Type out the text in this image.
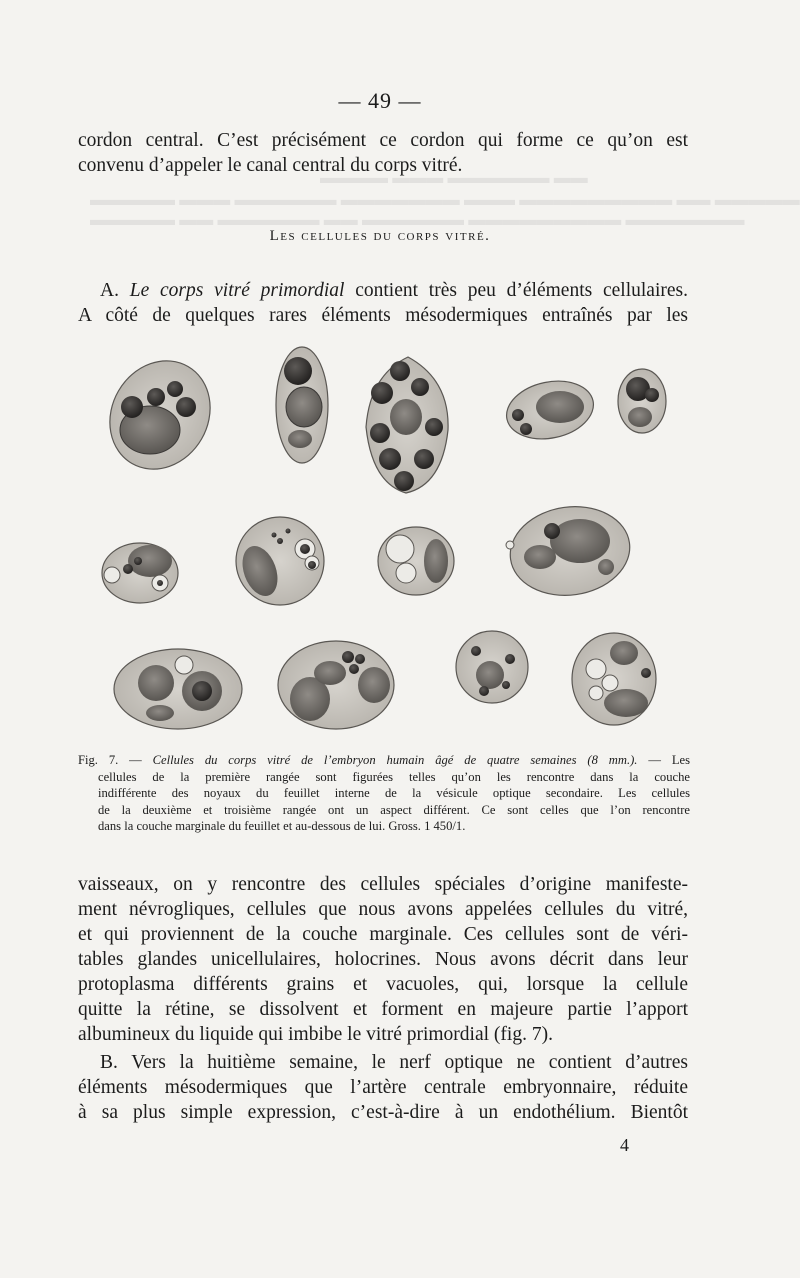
▬▬▬▬ ▬▬▬ ▬▬▬▬▬▬ ▬▬
▬▬▬▬▬ ▬▬▬ ▬▬▬▬▬▬ ▬▬▬▬▬▬▬ ▬▬▬ ▬▬▬▬▬▬▬▬▬ ▬▬ ▬▬▬▬▬
▬▬▬▬▬ ▬▬ ▬▬▬▬▬▬ ▬▬ ▬▬▬▬▬▬ ▬▬▬▬▬▬▬▬▬ ▬▬▬▬▬▬▬
— 49 —
cordon central. C’est précisément ce cordon qui forme ce qu’on est
convenu d’appeler le canal central du corps vitré.
Les cellules du corps vitré.
A. Le corps vitré primordial contient très peu d’éléments cellulaires.
A côté de quelques rares éléments mésodermiques entraînés par les
Fig. 7. — Cellules du corps vitré de l’embryon humain âgé de quatre semaines (8 mm.). — Les
cellules de la première rangée sont figurées telles qu’on les rencontre dans la couche
indifférente des noyaux du feuillet interne de la vésicule optique secondaire. Les cellules
de la deuxième et troisième rangée ont un aspect différent. Ce sont celles que l’on rencontre
dans la couche marginale du feuillet et au-dessous de lui. Gross. 1 450/1.
vaisseaux, on y rencontre des cellules spéciales d’origine manifeste-
ment névrogliques, cellules que nous avons appelées cellules du vitré,
et qui proviennent de la couche marginale. Ces cellules sont de véri-
tables glandes unicellulaires, holocrines. Nous avons décrit dans leur
protoplasma différents grains et vacuoles, qui, lorsque la cellule
quitte la rétine, se dissolvent et forment en majeure partie l’apport
albumineux du liquide qui imbibe le vitré primordial (fig. 7).
B. Vers la huitième semaine, le nerf optique ne contient d’autres
éléments mésodermiques que l’artère centrale embryonnaire, réduite
à sa plus simple expression, c’est-à-dire à un endothélium. Bientôt
4
